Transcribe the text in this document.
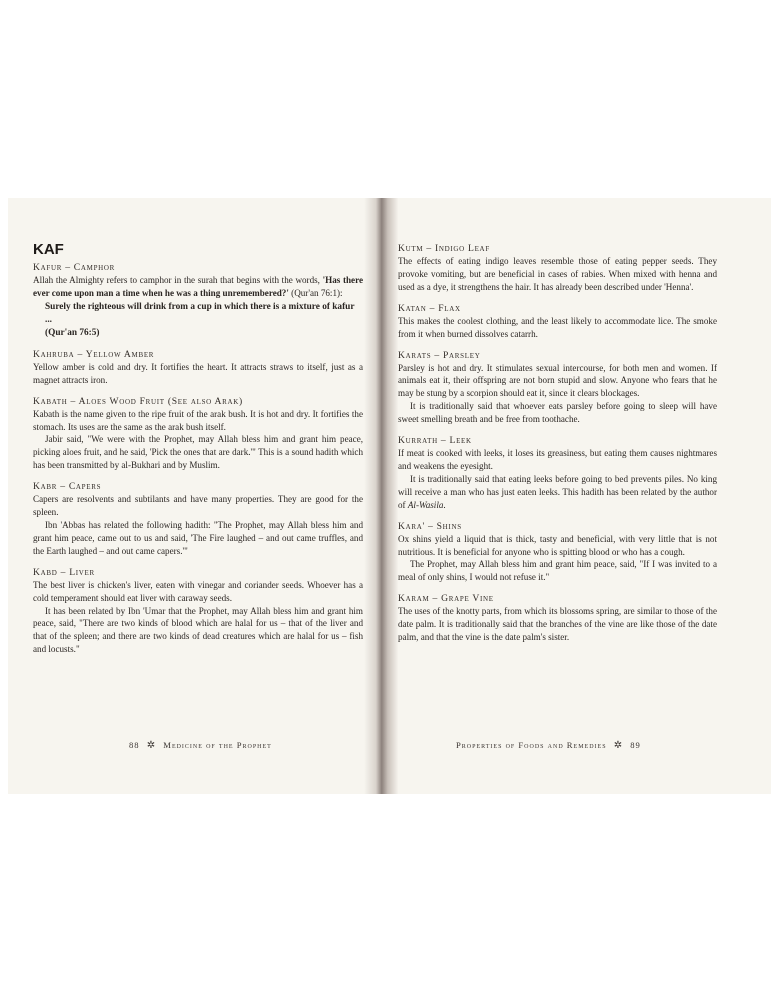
KAF
Kafur – Camphor

Allah the Almighty refers to camphor in the surah that begins with the words, 'Has there ever come upon man a time when he was a thing unremembered?' (Qur'an 76:1):

Surely the righteous will drink from a cup in which there is a mixture of kafur ...
(Qur'an 76:5)
Kahruba – Yellow Amber

Yellow amber is cold and dry. It fortifies the heart. It attracts straws to itself, just as a magnet attracts iron.

Kabath – Aloes Wood Fruit (See also Arak)

Kabath is the name given to the ripe fruit of the arak bush. It is hot and dry. It fortifies the stomach. Its uses are the same as the arak bush itself.

Jabir said, "We were with the Prophet, may Allah bless him and grant him peace, picking aloes fruit, and he said, 'Pick the ones that are dark.'" This is a sound hadith which has been transmitted by al-Bukhari and by Muslim.

Kabr – Capers

Capers are resolvents and subtilants and have many properties. They are good for the spleen.

Ibn 'Abbas has related the following hadith: "The Prophet, may Allah bless him and grant him peace, came out to us and said, 'The Fire laughed – and out came truffles, and the Earth laughed – and out came capers.'"

Kabd – Liver

The best liver is chicken's liver, eaten with vinegar and coriander seeds. Whoever has a cold temperament should eat liver with caraway seeds.

It has been related by Ibn 'Umar that the Prophet, may Allah bless him and grant him peace, said, "There are two kinds of blood which are halal for us – that of the liver and that of the spleen; and there are two kinds of dead creatures which are halal for us – fish and locusts."

88 ✲ Medicine of the Prophet
Kutm – Indigo Leaf

The effects of eating indigo leaves resemble those of eating pepper seeds. They provoke vomiting, but are beneficial in cases of rabies. When mixed with henna and used as a dye, it strengthens the hair. It has already been described under 'Henna'.

Katan – Flax

This makes the coolest clothing, and the least likely to accommodate lice. The smoke from it when burned dissolves catarrh.

Karats – Parsley

Parsley is hot and dry. It stimulates sexual intercourse, for both men and women. If animals eat it, their offspring are not born stupid and slow. Anyone who fears that he may be stung by a scorpion should eat it, since it clears blockages.

It is traditionally said that whoever eats parsley before going to sleep will have sweet smelling breath and be free from toothache.

Kurrath – Leek

If meat is cooked with leeks, it loses its greasiness, but eating them causes nightmares and weakens the eyesight.

It is traditionally said that eating leeks before going to bed prevents piles. No king will receive a man who has just eaten leeks. This hadith has been related by the author of Al-Wasila.

Kara' – Shins

Ox shins yield a liquid that is thick, tasty and beneficial, with very little that is not nutritious. It is beneficial for anyone who is spitting blood or who has a cough.

The Prophet, may Allah bless him and grant him peace, said, "If I was invited to a meal of only shins, I would not refuse it."

Karam – Grape Vine

The uses of the knotty parts, from which its blossoms spring, are similar to those of the date palm. It is traditionally said that the branches of the vine are like those of the date palm, and that the vine is the date palm's sister.

Properties of Foods and Remedies ✲ 89
